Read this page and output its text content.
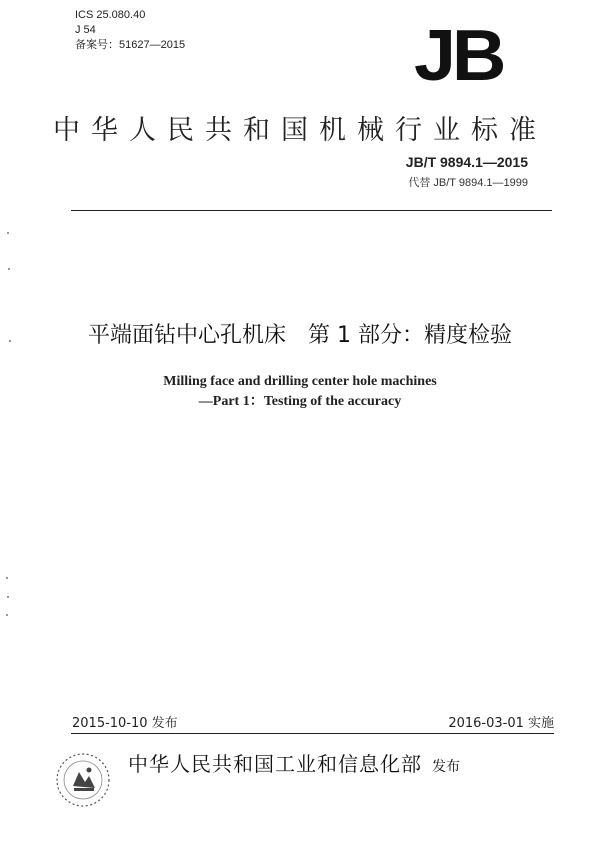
ICS 25.080.40
J 54
备案号：51627—2015	JB
中华人民共和国机械行业标准
JB/T 9894.1—2015
代替 JB/T 9894.1—1999
平端面钻中心孔机床 第 1 部分：精度检验
Milling face and drilling center hole machines
—Part 1：Testing of the accuracy
2015-10-10 发布	2016-03-01 实施
中华人民共和国工业和信息化部 发布
